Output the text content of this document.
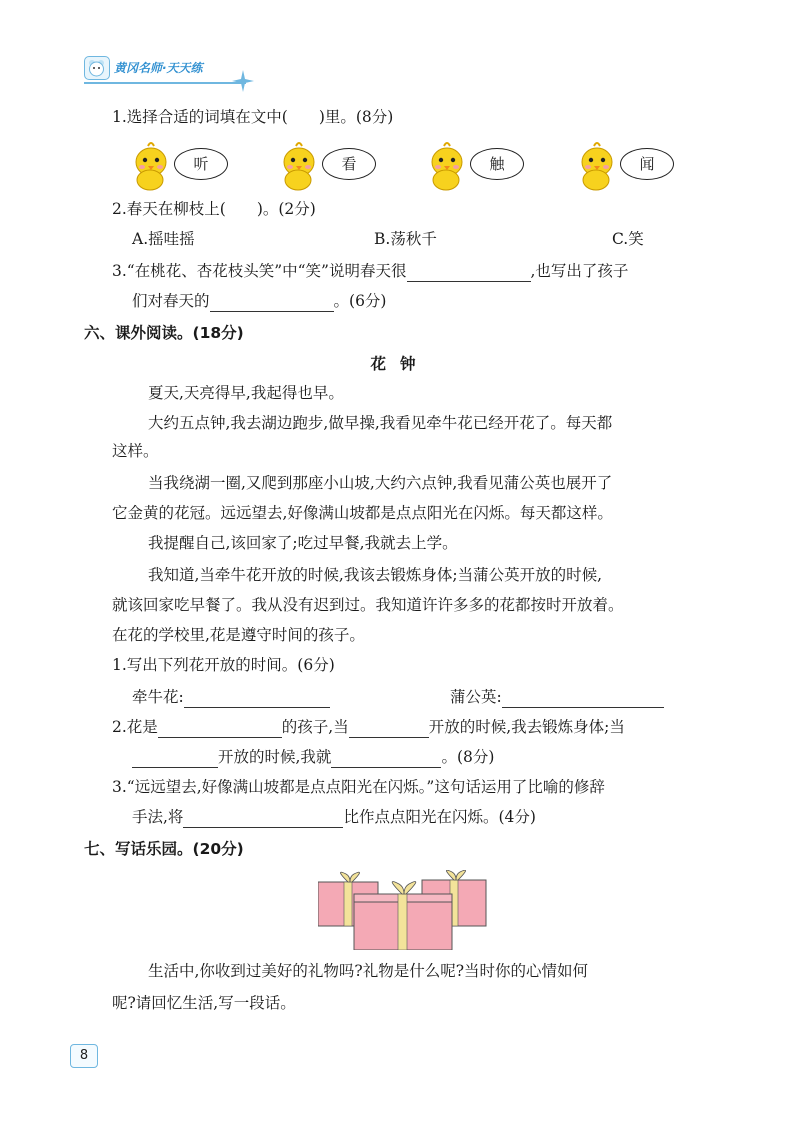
黄冈名师·天天练
1.选择合适的词填在文中(　　)里。(8分)
听	看	触	闻
2.春天在柳枝上(　　)。(2分)
A.摇哇摇	B.荡秋千	C.笑
3.“在桃花、杏花枝头笑”中“笑”说明春天很	,也写出了孩子
们对春天的	。(6分)
六、课外阅读。(18分)
花钟
夏天,天亮得早,我起得也早。
大约五点钟,我去湖边跑步,做早操,我看见牵牛花已经开花了。每天都
这样。
当我绕湖一圈,又爬到那座小山坡,大约六点钟,我看见蒲公英也展开了
它金黄的花冠。远远望去,好像满山坡都是点点阳光在闪烁。每天都这样。
我提醒自己,该回家了;吃过早餐,我就去上学。
我知道,当牵牛花开放的时候,我该去锻炼身体;当蒲公英开放的时候,
就该回家吃早餐了。我从没有迟到过。我知道许许多多的花都按时开放着。
在花的学校里,花是遵守时间的孩子。
1.写出下列花开放的时间。(6分)
牵牛花:	蒲公英:
2.花是	的孩子,当	开放的时候,我去锻炼身体;当
开放的时候,我就	。(8分)
3.“远远望去,好像满山坡都是点点阳光在闪烁。”这句话运用了比喻的修辞
手法,将	比作点点阳光在闪烁。(4分)
七、写话乐园。(20分)
生活中,你收到过美好的礼物吗?礼物是什么呢?当时你的心情如何
呢?请回忆生活,写一段话。
8
